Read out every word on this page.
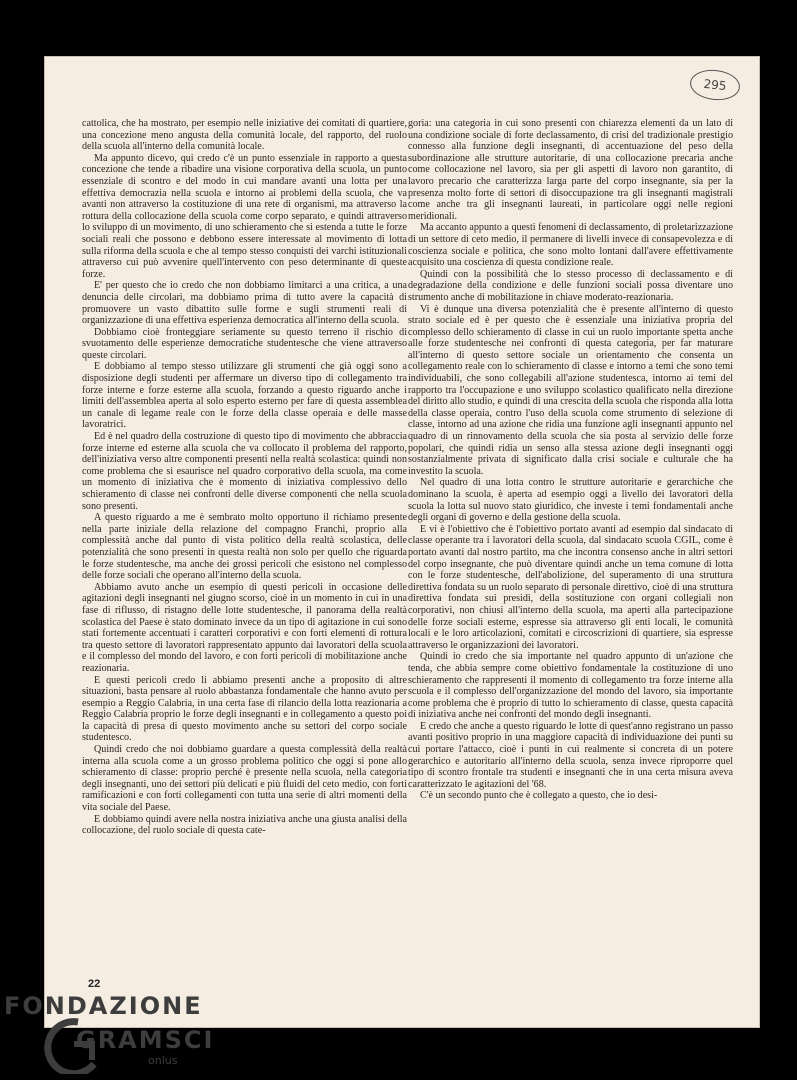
295

cattolica, che ha mostrato, per esempio nelle iniziative dei comitati di quartiere, una concezione meno angusta della comunità locale, del rapporto, del ruolo della scuola all'interno della comunità locale.

Ma appunto dicevo, qui credo c'è un punto essenziale in rapporto a questa concezione che tende a ribadire una visione corporativa della scuola, un punto essenziale di scontro e del modo in cui mandare avanti una lotta per una effettiva democrazia nella scuola e intorno ai problemi della scuola, che va avanti non attraverso la costituzione di una rete di organismi, ma attraverso la rottura della collocazione della scuola come corpo separato, e quindi attraverso lo sviluppo di un movimento, di uno schieramento che si estenda a tutte le forze sociali reali che possono e debbono essere interessate al movimento di lotta sulla riforma della scuola e che al tempo stesso conquisti dei varchi istituzionali attraverso cui può avvenire quell'intervento con peso determinante di queste forze.

E' per questo che io credo che non dobbiamo limitarci a una critica, a una denuncia delle circolari, ma dobbiamo prima di tutto avere la capacità di promuovere un vasto dibattito sulle forme e sugli strumenti reali di organizzazione di una effettiva esperienza democratica all'interno della scuola.

Dobbiamo cioè fronteggiare seriamente su questo terreno il rischio di svuotamento delle esperienze democratiche studentesche che viene attraverso queste circolari.

E dobbiamo al tempo stesso utilizzare gli strumenti che già oggi sono a disposizione degli studenti per affermare un diverso tipo di collegamento tra forze interne e forze esterne alla scuola, forzando a questo riguardo anche i limiti dell'assemblea aperta al solo esperto esterno per fare di questa assemblea un canale di legame reale con le forze della classe operaia e delle masse lavoratrici.

Ed è nel quadro della costruzione di questo tipo di movimento che abbraccia forze interne ed esterne alla scuola che va collocato il problema del rapporto, dell'iniziativa verso altre componenti presenti nella realtà scolastica: quindi non come problema che si esaurisce nel quadro corporativo della scuola, ma come un momento di iniziativa che è momento di iniziativa complessivo dello schieramento di classe nei confronti delle diverse componenti che nella scuola sono presenti.

A questo riguardo a me è sembrato molto opportuno il richiamo presente nella parte iniziale della relazione del compagno Franchi, proprio alla complessità anche dal punto di vista politico della realtà scolastica, delle potenzialità che sono presenti in questa realtà non solo per quello che riguarda le forze studentesche, ma anche dei grossi pericoli che esistono nel complesso delle forze sociali che operano all'interno della scuola.

Abbiamo avuto anche un esempio di questi pericoli in occasione delle agitazioni degli insegnanti nel giugno scorso, cioè in un momento in cui in una fase di riflusso, di ristagno delle lotte studentesche, il panorama della realtà scolastica del Paese è stato dominato invece da un tipo di agitazione in cui sono stati fortemente accentuati i caratteri corporativi e con forti elementi di rottura tra questo settore di lavoratori rappresentato appunto dai lavoratori della scuola e il complesso del mondo del lavoro, e con forti pericoli di mobilitazione anche reazionaria.

E questi pericoli credo li abbiamo presenti anche a proposito di altre situazioni, basta pensare al ruolo abbastanza fondamentale che hanno avuto per esempio a Reggio Calabria, in una certa fase di rilancio della lotta reazionaria a Reggio Calabria proprio le forze degli insegnanti e in collegamento a questo poi la capacità di presa di questo movimento anche su settori del corpo sociale studentesco.

Quindi credo che noi dobbiamo guardare a questa complessità della realtà interna alla scuola come a un grosso problema politico che oggi si pone allo schieramento di classe: proprio perché è presente nella scuola, nella categoria degli insegnanti, uno dei settori più delicati e più fluidi del ceto medio, con forti ramificazioni e con forti collegamenti con tutta una serie di altri momenti della vita sociale del Paese.

E dobbiamo quindi avere nella nostra iniziativa anche una giusta analisi della collocazione, del ruolo sociale di questa cate-

goria: una categoria in cui sono presenti con chiarezza elementi da un lato di una condizione sociale di forte declassamento, di crisi del tradizionale prestigio connesso alla funzione degli insegnanti, di accentuazione del peso della subordinazione alle strutture autoritarie, di una collocazione precaria anche come collocazione nel lavoro, sia per gli aspetti di lavoro non garantito, di lavoro precario che caratterizza larga parte del corpo insegnante, sia per la presenza molto forte di settori di disoccupazione tra gli insegnanti magistrali come anche tra gli insegnanti laureati, in particolare oggi nelle regioni meridionali.

Ma accanto appunto a questi fenomeni di declassamento, di proletarizzazione di un settore di ceto medio, il permanere di livelli invece di consapevolezza e di coscienza sociale e politica, che sono molto lontani dall'avere effettivamente acquisito una coscienza di questa condizione reale.

Quindi con la possibilità che lo stesso processo di declassamento e di degradazione della condizione e delle funzioni sociali possa diventare uno strumento anche di mobilitazione in chiave moderato-reazionaria.

Vi è dunque una diversa potenzialità che è presente all'interno di questo strato sociale ed è per questo che è essenziale una iniziativa propria del complesso dello schieramento di classe in cui un ruolo importante spetta anche alle forze studentesche nei confronti di questa categoria, per far maturare all'interno di questo settore sociale un orientamento che consenta un collegamento reale con lo schieramento di classe e intorno a temi che sono temi individuabili, che sono collegabili all'azione studentesca, intorno ai temi del rapporto tra l'occupazione e uno sviluppo scolastico qualificato nella direzione del diritto allo studio, e quindi di una crescita della scuola che risponda alla lotta della classe operaia, contro l'uso della scuola come strumento di selezione di classe, intorno ad una azione che ridia una funzione agli insegnanti appunto nel quadro di un rinnovamento della scuola che sia posta al servizio delle forze popolari, che quindi ridia un senso alla stessa azione degli insegnanti oggi sostanzialmente privata di significato dalla crisi sociale e culturale che ha investito la scuola.

Nel quadro di una lotta contro le strutture autoritarie e gerarchiche che dominano la scuola, è aperta ad esempio oggi a livello dei lavoratori della scuola la lotta sul nuovo stato giuridico, che investe i temi fondamentali anche degli organi di governo e della gestione della scuola.

E vi è l'obiettivo che è l'obiettivo portato avanti ad esempio dal sindacato di classe operante tra i lavoratori della scuola, dal sindacato scuola CGIL, come è portato avanti dal nostro partito, ma che incontra consenso anche in altri settori del corpo insegnante, che può diventare quindi anche un tema comune di lotta con le forze studentesche, dell'abolizione, del superamento di una struttura direttiva fondata su un ruolo separato di personale direttivo, cioè di una struttura direttiva fondata sui presidi, della sostituzione con organi collegiali non corporativi, non chiusi all'interno della scuola, ma aperti alla partecipazione delle forze sociali esterne, espresse sia attraverso gli enti locali, le comunità locali e le loro articolazioni, comitati e circoscrizioni di quartiere, sia espresse attraverso le organizzazioni dei lavoratori.

Quindi io credo che sia importante nel quadro appunto di un'azione che tenda, che abbia sempre come obiettivo fondamentale la costituzione di uno schieramento che rappresenti il momento di collegamento tra forze interne alla scuola e il complesso dell'organizzazione del mondo del lavoro, sia importante come problema che è proprio di tutto lo schieramento di classe, questa capacità di iniziativa anche nei confronti del mondo degli insegnanti.

E credo che anche a questo riguardo le lotte di quest'anno registrano un passo avanti positivo proprio in una maggiore capacità di individuazione dei punti su cui portare l'attacco, cioè i punti in cui realmente si concreta di un potere gerarchico e autoritario all'interno della scuola, senza invece riproporre quel tipo di scontro frontale tra studenti e insegnanti che in una certa misura aveva caratterizzato le agitazioni del '68.

C'è un secondo punto che è collegato a questo, che io desi-

22
FONDAZIONE
GRAMSCI
onlus
